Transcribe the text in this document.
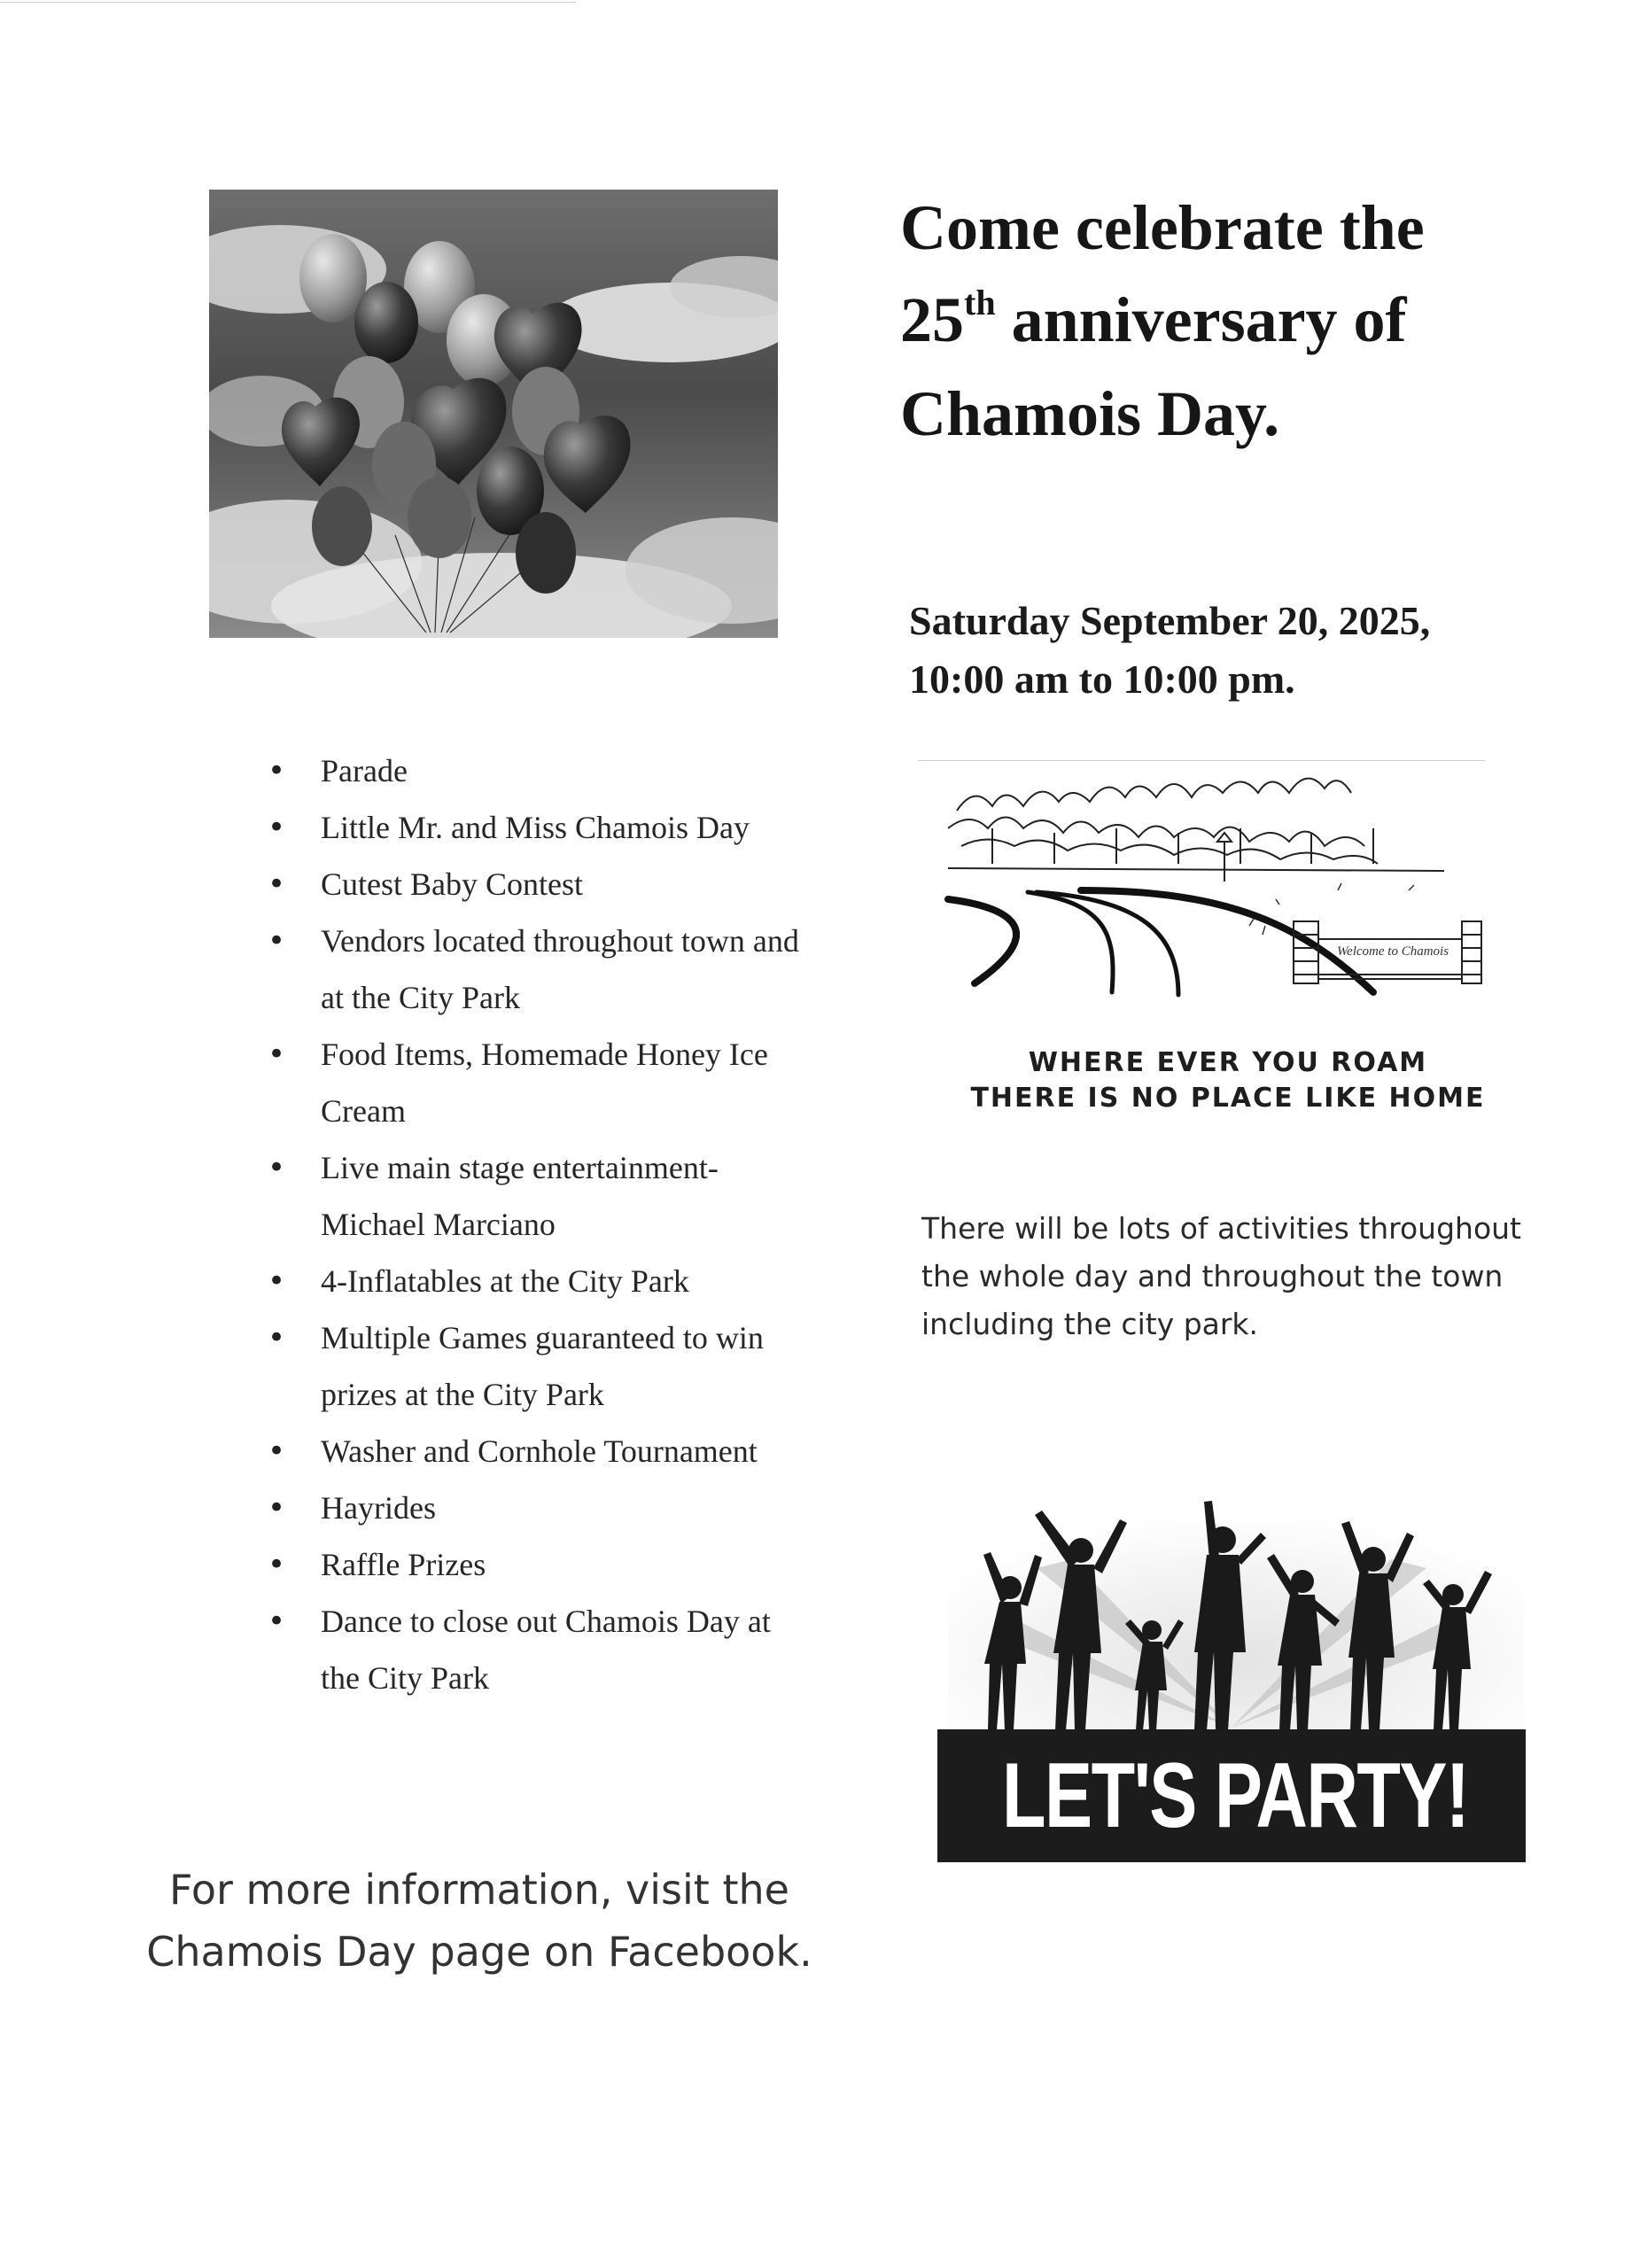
Come celebrate the
25th anniversary of
Chamois Day.
Saturday September 20, 2025,
10:00 am to 10:00 pm.
• Parade
• Little Mr. and Miss Chamois Day
• Cutest Baby Contest
• Vendors located throughout town and
at the City Park
• Food Items, Homemade Honey Ice
Cream
• Live main stage entertainment-
Michael Marciano
• 4-Inflatables at the City Park
• Multiple Games guaranteed to win
prizes at the City Park
• Washer and Cornhole Tournament
• Hayrides
• Raffle Prizes
• Dance to close out Chamois Day at
the City Park
Welcome to Chamois
WHERE EVER YOU ROAM
THERE IS NO PLACE LIKE HOME
There will be lots of activities throughout
the whole day and throughout the town
including the city park.
LET'S PARTY!
For more information, visit the
Chamois Day page on Facebook.
